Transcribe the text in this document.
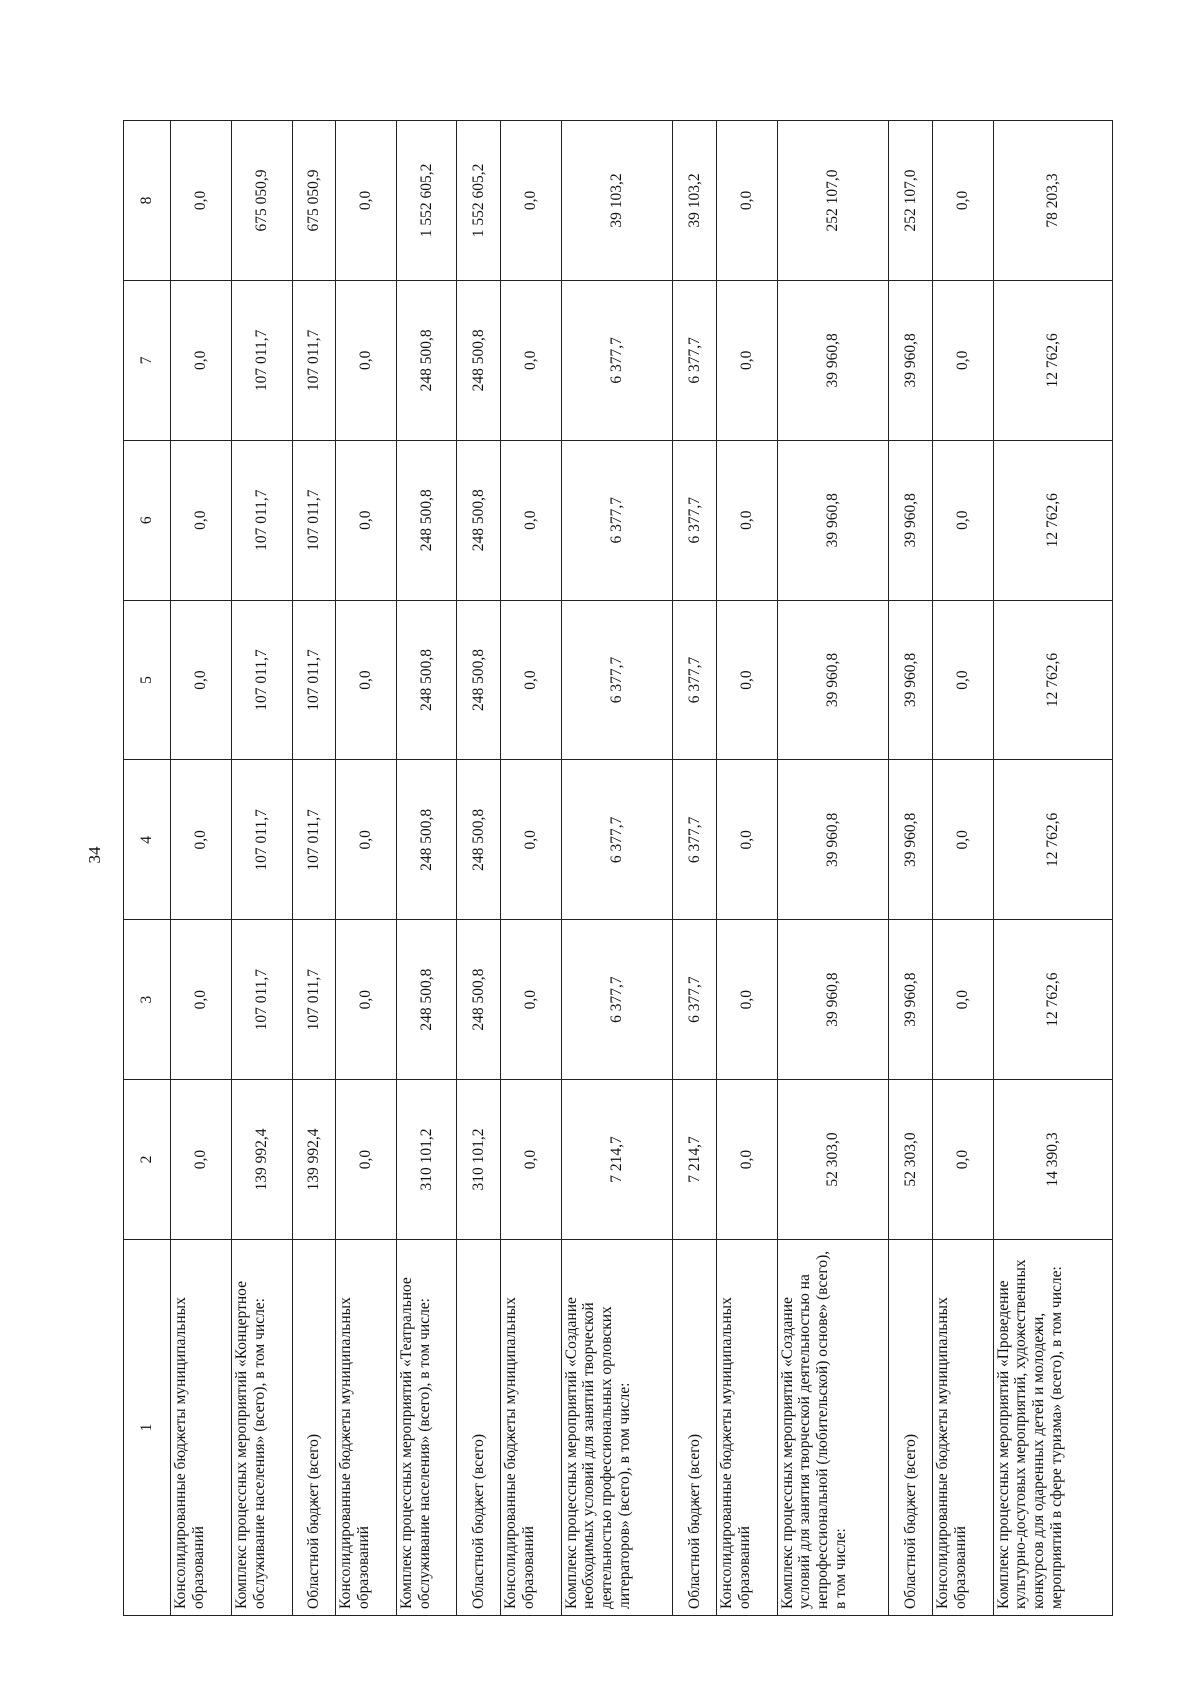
34
1	2	3	4	5	6	7	8
Консолидированные бюджеты муниципальных образований	0,0	0,0	0,0	0,0	0,0	0,0	0,0
Комплекс процессных мероприятий «Концертное обслуживание населения» (всего), в том числе:	139 992,4	107 011,7	107 011,7	107 011,7	107 011,7	107 011,7	675 050,9
Областной бюджет (всего)	139 992,4	107 011,7	107 011,7	107 011,7	107 011,7	107 011,7	675 050,9
Консолидированные бюджеты муниципальных образований	0,0	0,0	0,0	0,0	0,0	0,0	0,0
Комплекс процессных мероприятий «Театральное обслуживание населения» (всего), в том числе:	310 101,2	248 500,8	248 500,8	248 500,8	248 500,8	248 500,8	1 552 605,2
Областной бюджет (всего)	310 101,2	248 500,8	248 500,8	248 500,8	248 500,8	248 500,8	1 552 605,2
Консолидированные бюджеты муниципальных образований	0,0	0,0	0,0	0,0	0,0	0,0	0,0
Комплекс процессных мероприятий «Создание необходимых условий для занятий творческой деятельностью профессиональных орловских литераторов» (всего), в том числе:	7 214,7	6 377,7	6 377,7	6 377,7	6 377,7	6 377,7	39 103,2
Областной бюджет (всего)	7 214,7	6 377,7	6 377,7	6 377,7	6 377,7	6 377,7	39 103,2
Консолидированные бюджеты муниципальных образований	0,0	0,0	0,0	0,0	0,0	0,0	0,0
Комплекс процессных мероприятий «Создание условий для занятия творческой деятельностью на непрофессиональной (любительской) основе» (всего), в том числе:	52 303,0	39 960,8	39 960,8	39 960,8	39 960,8	39 960,8	252 107,0
Областной бюджет (всего)	52 303,0	39 960,8	39 960,8	39 960,8	39 960,8	39 960,8	252 107,0
Консолидированные бюджеты муниципальных образований	0,0	0,0	0,0	0,0	0,0	0,0	0,0
Комплекс процессных мероприятий «Проведение культурно-досуговых мероприятий, художественных конкурсов для одаренных детей и молодежи, мероприятий в сфере туризма» (всего), в том числе:	14 390,3	12 762,6	12 762,6	12 762,6	12 762,6	12 762,6	78 203,3
